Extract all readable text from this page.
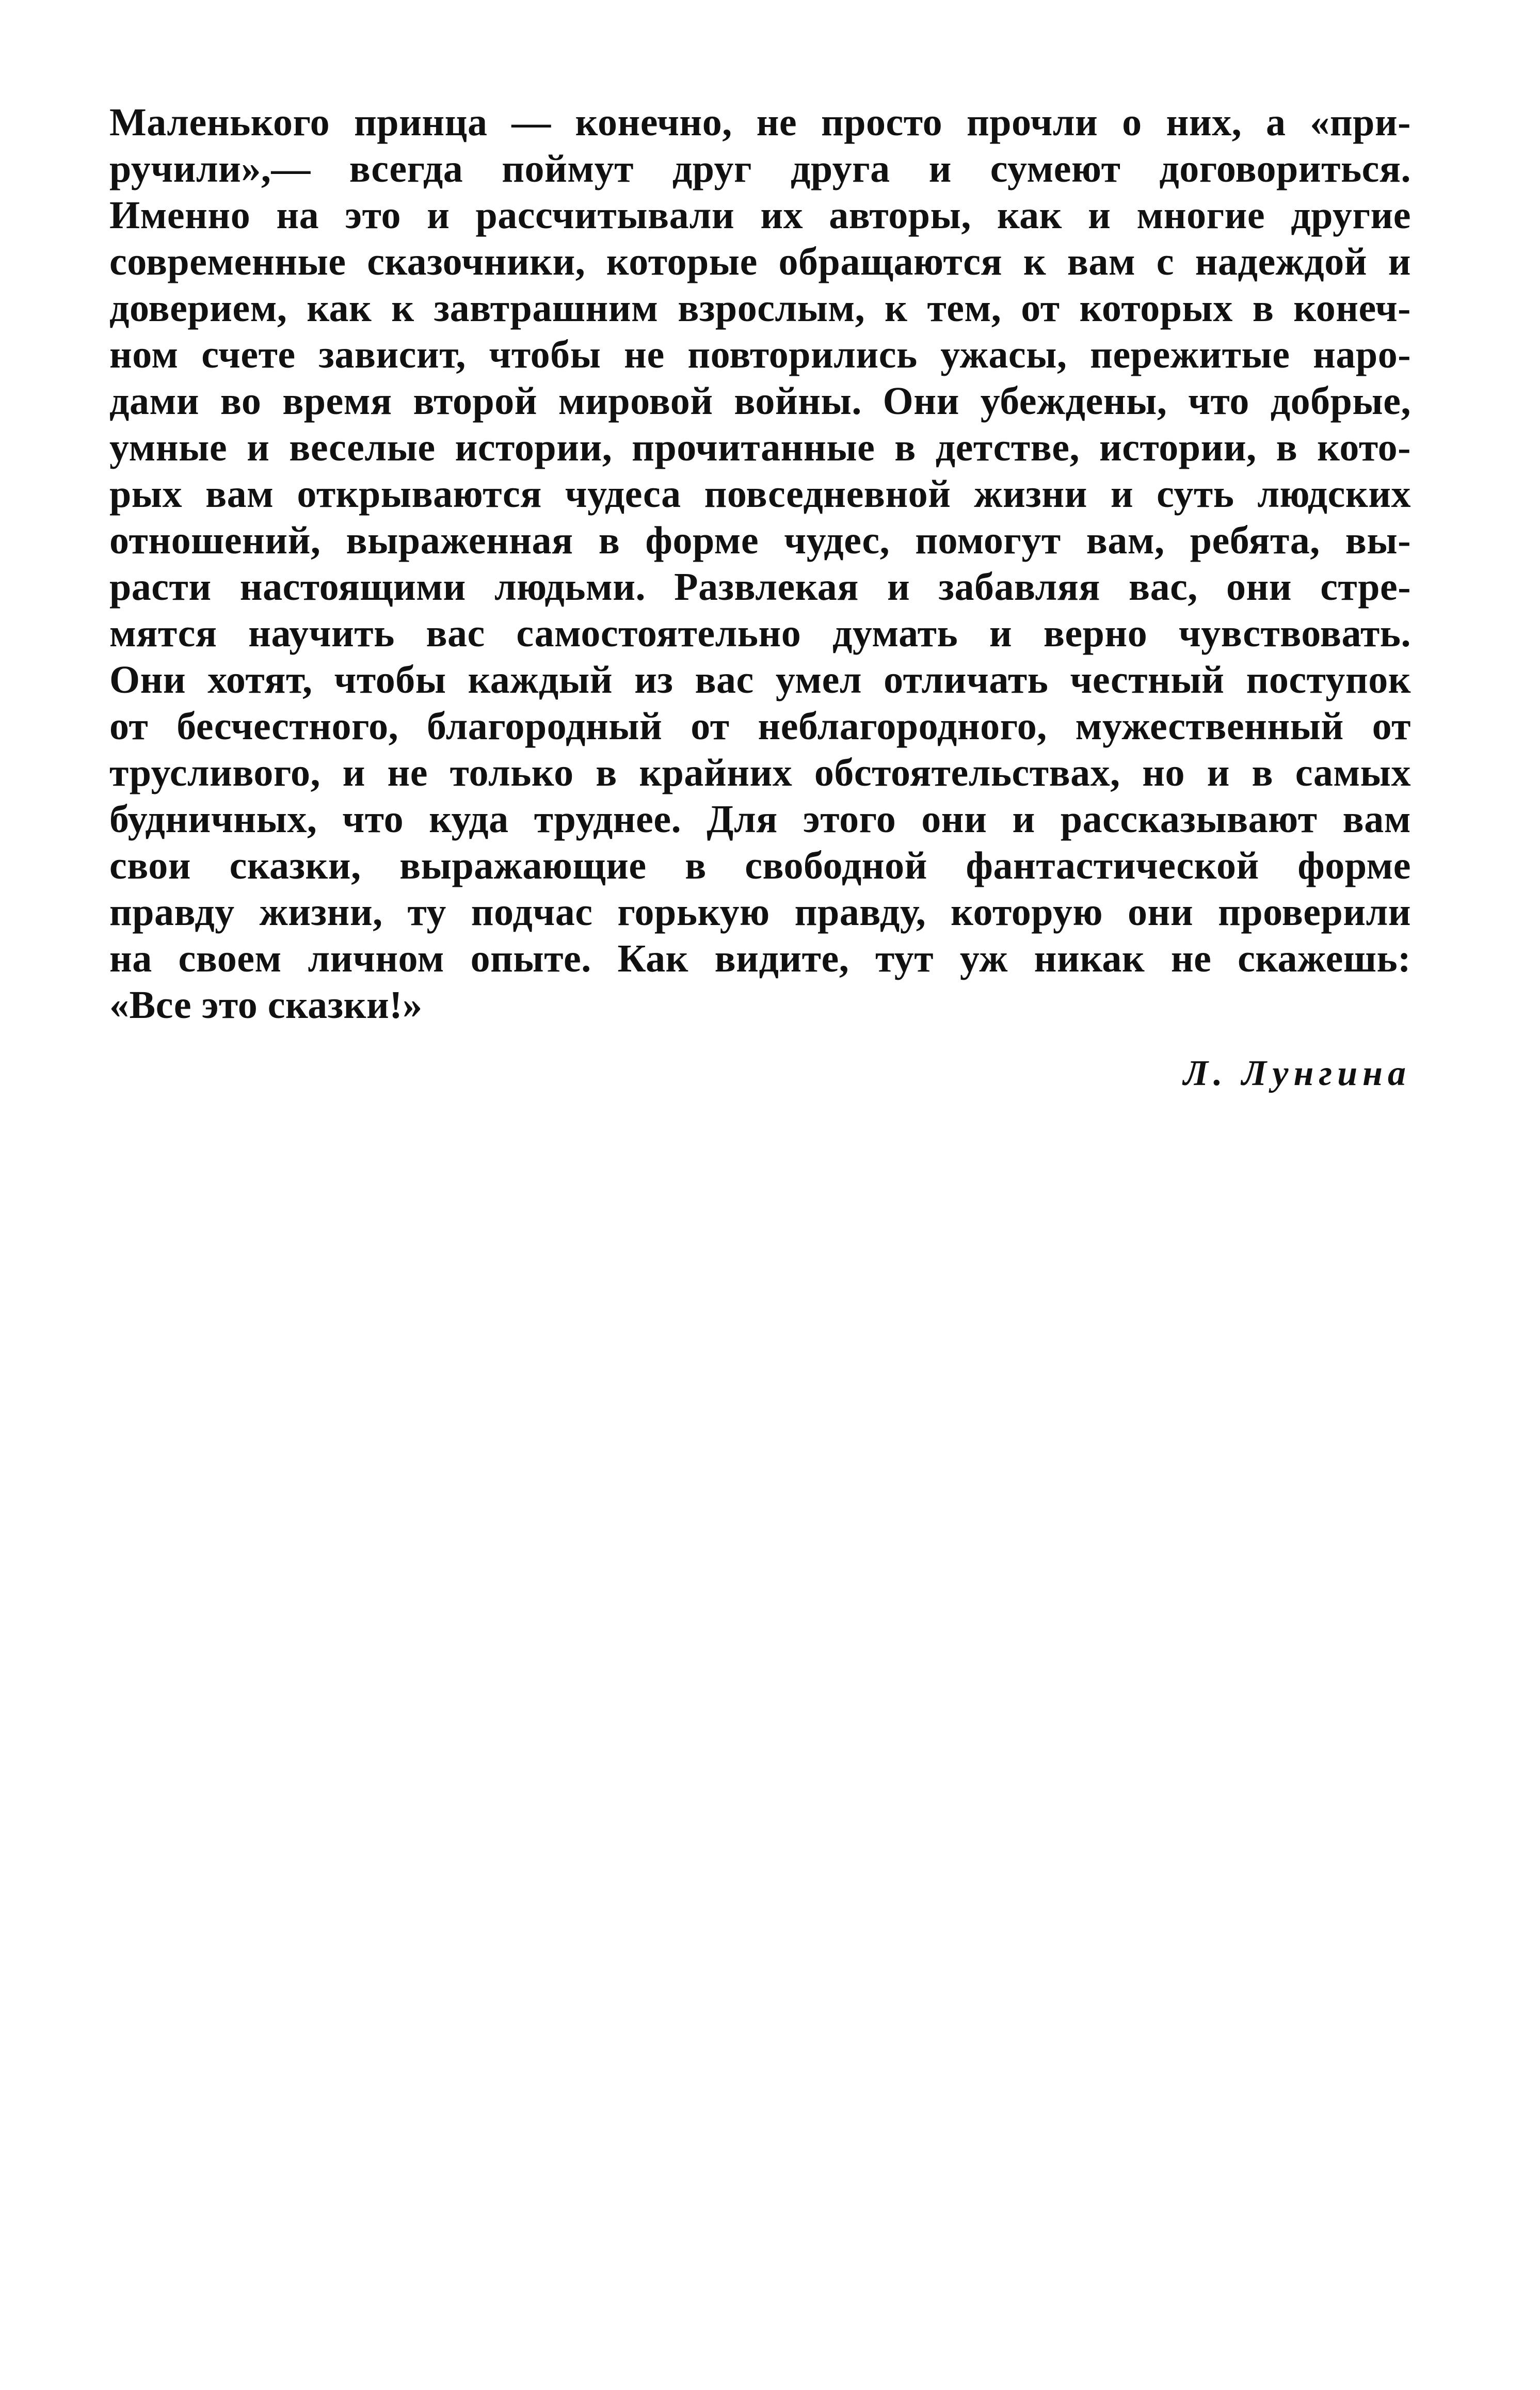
Маленького принца — конечно, не просто прочли о них, а «при-
ручили»,— всегда поймут друг друга и сумеют договориться.
Именно на это и рассчитывали их авторы, как и многие другие
современные сказочники, которые обращаются к вам с надеждой и
доверием, как к завтрашним взрослым, к тем, от которых в конеч-
ном счете зависит, чтобы не повторились ужасы, пережитые наро-
дами во время второй мировой войны. Они убеждены, что добрые,
умные и веселые истории, прочитанные в детстве, истории, в кото-
рых вам открываются чудеса повседневной жизни и суть людских
отношений, выраженная в форме чудес, помогут вам, ребята, вы-
расти настоящими людьми. Развлекая и забавляя вас, они стре-
мятся научить вас самостоятельно думать и верно чувствовать.
Они хотят, чтобы каждый из вас умел отличать честный поступок
от бесчестного, благородный от неблагородного, мужественный от
трусливого, и не только в крайних обстоятельствах, но и в самых
будничных, что куда труднее. Для этого они и рассказывают вам
свои сказки, выражающие в свободной фантастической форме
правду жизни, ту подчас горькую правду, которую они проверили
на своем личном опыте. Как видите, тут уж никак не скажешь:
«Все это сказки!»
Л. Лунгина
